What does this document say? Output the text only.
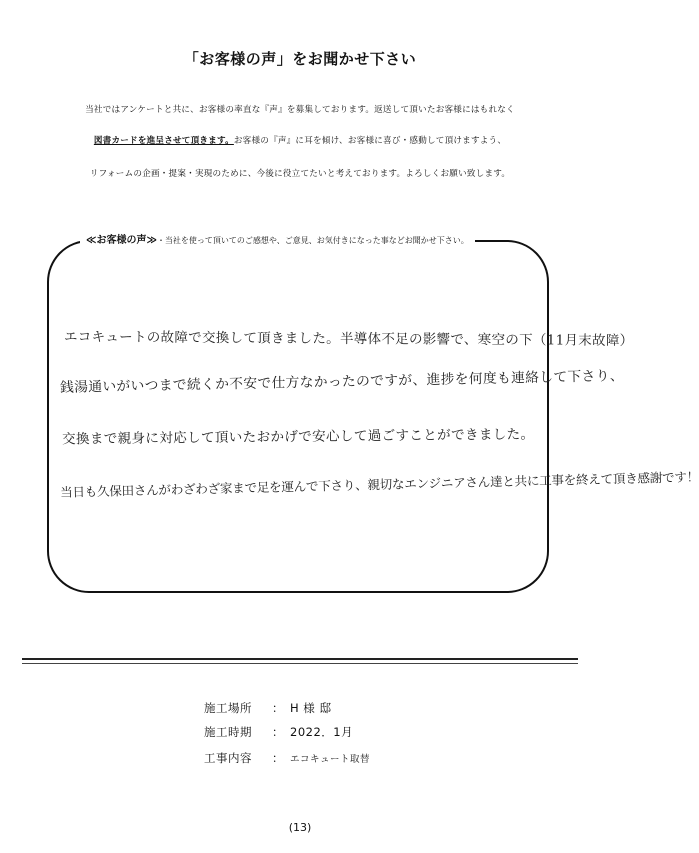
「お客様の声」をお聞かせ下さい
当社ではアンケートと共に、お客様の率直な『声』を募集しております。返送して頂いたお客様にはもれなく
図書カードを進呈させて頂きます。お客様の『声』に耳を傾け、お客様に喜び・感動して頂けますよう、
リフォームの企画・提案・実現のために、今後に役立てたいと考えております。よろしくお願い致します。
≪お客様の声≫・当社を使って頂いてのご感想や、ご意見、お気付きになった事などお聞かせ下さい。
エコキュートの故障で交換して頂きました。半導体不足の影響で、寒空の下（11月末故障）
銭湯通いがいつまで続くか不安で仕方なかったのですが、進捗を何度も連絡して下さり、
交換まで親身に対応して頂いたおかげで安心して過ごすことができました。
当日も久保田さんがわざわざ家まで足を運んで下さり、親切なエンジニアさん達と共に工事を終えて頂き感謝です！
施工場所 ： H 様 邸
施工時期 ： 2022．1月
工事内容 ： エコキュート取替
(13)
